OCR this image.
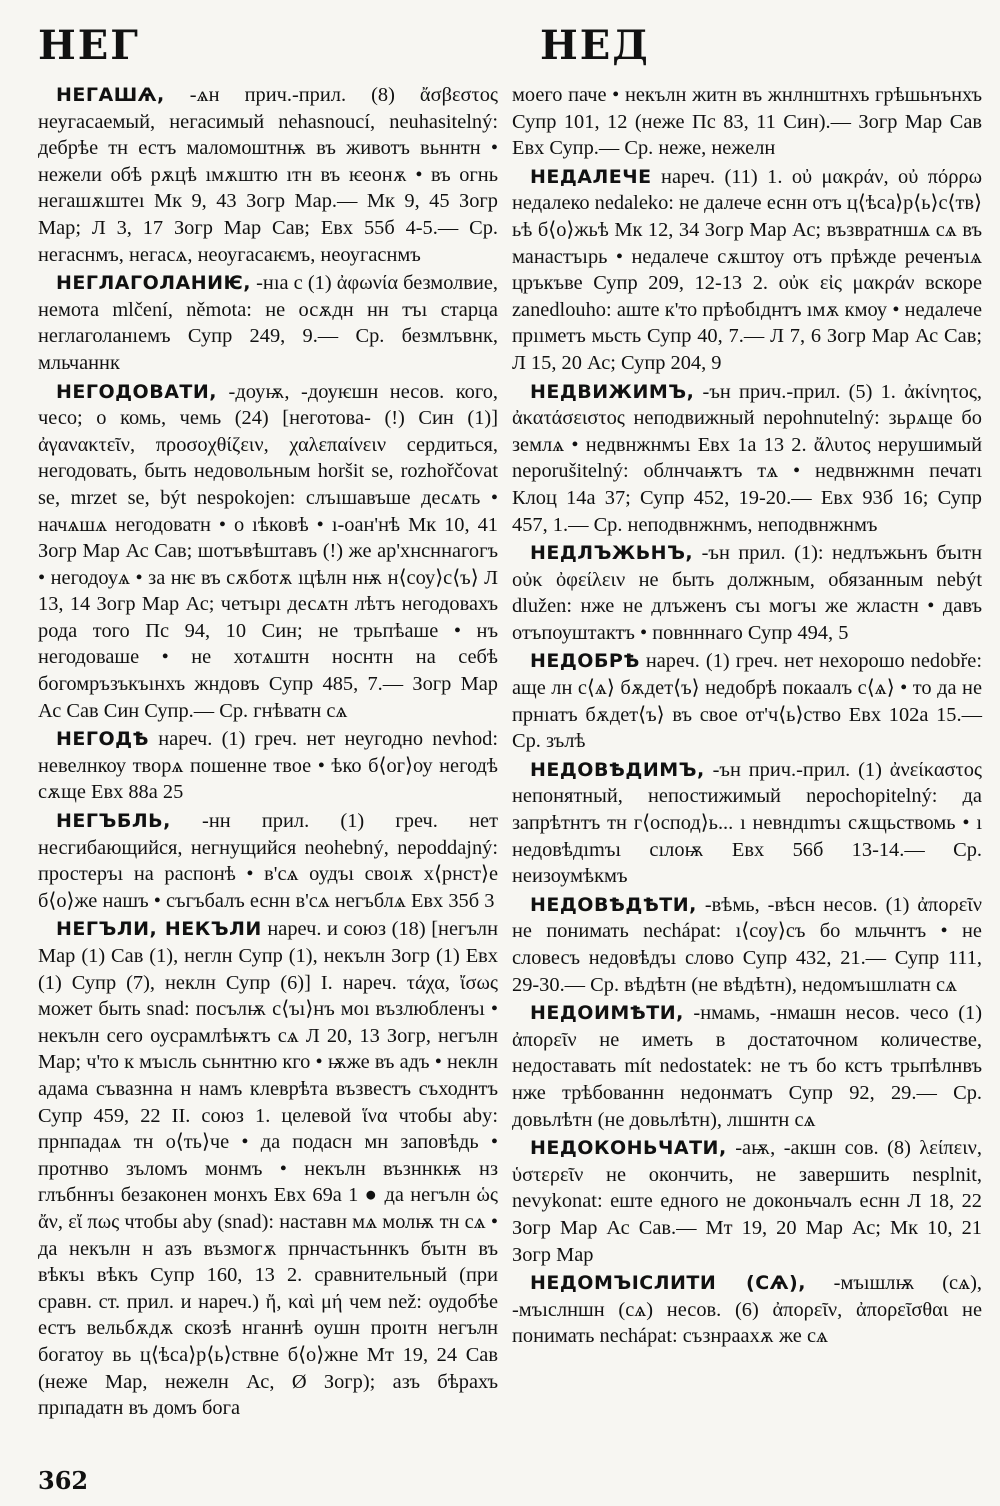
НЕГ	НЕД

НЕГАШѦ, -ѧн прич.-прил. (8) ἄσβεστος неугасаемый, негасимый nehasnoucí, neuhasitelný: дебрѣе тн естъ маломоштнѭ въ животъ вьннтн • нежели обѣ рѫцѣ ıмѫштю ıтн въ ѥеонѫ • въ огнь негашѫштеı Мк 9, 43 Зогр Мар.— Мк 9, 45 Зогр Мар; Л 3, 17 Зогр Мар Сав; Евх 55б 4-5.— Ср. негаснмъ, негасѧ, неоугасаѥмъ, неоугаснмъ

НЕГЛАГОЛАНИѤ, -нıа с (1) ἀφωνία безмолвие, немота mlčení, němota: не осѫдн нн тъı старца неглаголанıемъ Супр 249, 9.— Ср. безмлъвнк, мльчаннк

НЕГОДОВАТИ, -доуѭ, -доуѥшн несов. кого, чесо; о комь, чемь (24) [неготова- (!) Син (1)] ἀγανακτεῖν, προσοχθίζειν, χαλεπαίνειν сердиться, негодовать, быть недовольным horšit se, rozhořčovat se, mrzet se, být nespokojen: слъıшавъше десѧть • начѧшѧ негодоватн • о ıѣковѣ • ı-оан'нѣ Мк 10, 41 Зогр Мар Ас Сав; шотъвѣштавъ (!) же ар'хнсннагогъ • негодоуѧ • за нѥ въ сѫботѫ ıцѣлн нѭ н⟨соу⟩с⟨ъ⟩ Л 13, 14 Зогр Мар Ас; четъıрı десѧтн лѣтъ негодовахъ рода того Пс 94, 10 Син; не трьпѣаше • нъ негодоваше • не хотѧштн носнтн на себѣ богомръзъкъıнхъ жндовъ Супр 485, 7.— Зогр Мар Ас Сав Син Супр.— Ср. гнѣватн сѧ

НЕГОДѢ нареч. (1) греч. нет неугодно nevhod: невелнкоу творѧ пошенне твое • ѣко б⟨ог⟩оу негодѣ сѫще Евх 88а 25

НЕГЪБЛЬ, -нн прил. (1) греч. нет несгибающийся, негнущийся neohebný, nepoddajný: простеръı на распонѣ • в'сѧ оудъı своıѫ х⟨рнст⟩е б⟨о⟩же нашъ • съгъбалъ еснн в'сѧ негъблѧ Евх 35б 3

НЕГЪЛИ, НЕКЪЛИ нареч. и союз (18) [негълн Мар (1) Сав (1), неглн Супр (1), некълн Зогр (1) Евх (1) Супр (7), неклн Супр (6)] I. нареч. τάχα, ἴσως может быть snad: посълѭ с⟨ъı⟩нъ моı възлюбленъı • некълн сего оусрамлѣѭтъ сѧ Л 20, 13 Зогр, негълн Мар; ч'то к мъıсль сьннтню кго • ѭже въ адъ • неклн адама съвазнна н намъ клеврѣта възвестъ съходнтъ Супр 459, 22 II. союз 1. целевой ἵνα чтобы aby: прнпадаѧ тн о⟨ть⟩че • да подасн мн заповѣдь • протнво зъломъ монмъ • некълн възннкѭ нз глъбннъı безаконен монхъ Евх 69а 1 ● да негълн ὡς ἄν, εἴ πως чтобы aby (snad): наставн мѧ молѭ тн сѧ • да некълн н азъ възмогѫ прнчастьннкъ бъıтн въ вѣкъı вѣкъ Супр 160, 13 2. сравнительный (при сравн. ст. прил. и нареч.) ἤ, καὶ μή чем než: оудобѣе естъ вельбѫдѫ скозѣ нганнѣ оушн проıтн негълн богатоу вь ц⟨ѣса⟩р⟨ь⟩ствне б⟨о⟩жне Мт 19, 24 Сав (неже Мар, нежелн Ас, Ø Зогр); азъ бѣрахъ прıпадатн въ домъ бога

моего паче • некълн житн въ жнлнштнхъ грѣшьнънхъ Супр 101, 12 (неже Пс 83, 11 Син).— Зогр Мар Сав Евх Супр.— Ср. неже, нежелн

НЕДАЛЕЧЕ нареч. (11) 1. οὐ μακράν, οὐ πόρρω недалеко nedaleko: не далече еснн отъ ц⟨ѣса⟩р⟨ь⟩с⟨тв⟩ьѣ б⟨о⟩жьѣ Мк 12, 34 Зогр Мар Ас; възвратншѧ сѧ въ манастъıрь • недалече сѫштоу отъ прѣжде реченъıѧ цръкъве Супр 209, 12-13 2. οὐκ εἰς μακράν вскоре zanedlouho: аште к'то прѣобıднтъ ıмѫ кмоу • недалече прııметъ мьсть Супр 40, 7.— Л 7, 6 Зогр Мар Ас Сав; Л 15, 20 Ас; Супр 204, 9

НЕДВИЖИМЪ, -ън прич.-прил. (5) 1. ἀκίνητος, ἀκατάσειστος неподвижный nepohnutelný: зьрѧще бо землѧ • недвнжнмъı Евх 1а 13 2. ἄλυτος нерушимый neporušitelný: облнчаѭтъ тѧ • недвнжнмн печатı Клоц 14а 37; Супр 452, 19-20.— Евх 93б 16; Супр 457, 1.— Ср. неподвнжнмъ, неподвнжнмъ

НЕДЛЪЖЬНЪ, -ън прил. (1): недлъжьнъ бъıтн οὐκ ὀφείλειν не быть должным, обязанным nebýt dlužen: нже не длъженъ съı могъı же жластн • давъ отъпоуштактъ • повнннаго Супр 494, 5

НЕДОБРѢ нареч. (1) греч. нет нехорошо nedobře: аще лн с⟨ѧ⟩ бѫдет⟨ъ⟩ недобрѣ покаалъ с⟨ѧ⟩ • то да не прнıатъ бѫдет⟨ъ⟩ въ свое от'ч⟨ь⟩ство Евх 102а 15.— Ср. зълѣ

НЕДОВѢДИМЪ, -ън прич.-прил. (1) ἀνείκαστος непонятный, непостижимый nepochopitelný: да запрѣтнтъ тн г⟨оспод⟩ь... ı невндımъı сѫщьствомь • ı недовѣдımъı сıлоѭ Евх 56б 13-14.— Ср. неизоумѣкмъ

НЕДОВѢДѢТИ, -вѣмь, -вѣсн несов. (1) ἀπορεῖν не понимать nechápat: ı⟨соу⟩съ бо мльчнтъ • не словесъ недовѣдъı слово Супр 432, 21.— Супр 111, 29-30.— Ср. вѣдѣтн (не вѣдѣтн), недомъıшлıатн сѧ

НЕДОИМѢТИ, -нмамь, -нмашн несов. чесо (1) ἀπορεῖν не иметь в достаточном количестве, недоставать mít nedostatek: не тъ бо кстъ трьпѣлнвъ нже трѣбованнн недонматъ Супр 92, 29.— Ср. довьлѣтн (не довьлѣтн), лıшнтн сѧ

НЕДОКОНЬЧАТИ, -аѭ, -акшн сов. (8) λείπειν, ὑστερεῖν не окончить, не завершить nesplnit, nevykonat: еште едного не доконьчалъ еснн Л 18, 22 Зогр Мар Ас Сав.— Мт 19, 20 Мар Ас; Мк 10, 21 Зогр Мар

НЕДОМЪІСЛИТИ (СѦ), -мъıшлѭ (сѧ), -мъıслншн (сѧ) несов. (6) ἀπορεῖν, ἀπορεῖσθαι не понимать nechápat: съзнраахѫ же сѧ

362
